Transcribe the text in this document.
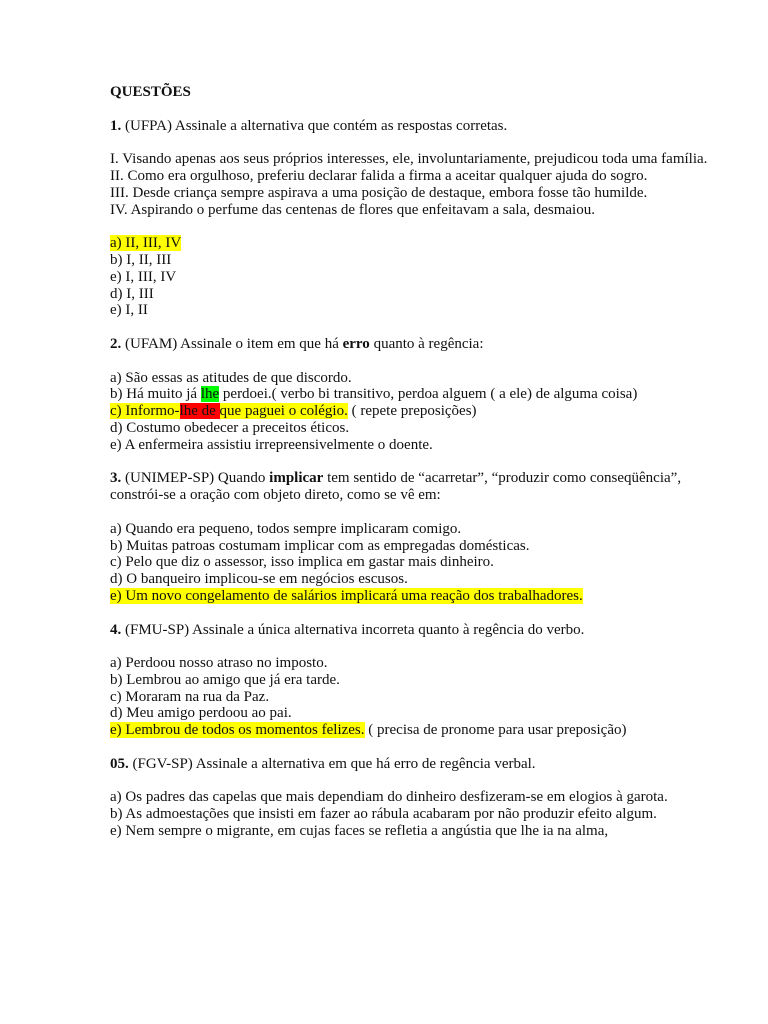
QUESTÕES
1. (UFPA) Assinale a alternativa que contém as respostas corretas.
I. Visando apenas aos seus próprios interesses, ele, involuntariamente, prejudicou toda uma família.
II. Como era orgulhoso, preferiu declarar falida a firma a aceitar qualquer ajuda do sogro.
III. Desde criança sempre aspirava a uma posição de destaque, embora fosse tão humilde.
IV. Aspirando o perfume das centenas de flores que enfeitavam a sala, desmaiou.
a) II, III, IV
b) I, II, III
e) I, III, IV
d) I, III
e) I, II
2. (UFAM) Assinale o item em que há erro quanto à regência:
a) São essas as atitudes de que discordo.
b) Há muito já lhe perdoei.( verbo bi transitivo, perdoa alguem ( a ele) de alguma coisa)
c) Informo-lhe de que paguei o colégio. ( repete preposições)
d) Costumo obedecer a preceitos éticos.
e) A enfermeira assistiu irrepreensivelmente o doente.
3. (UNIMEP-SP) Quando implicar tem sentido de “acarretar”, “produzir como conseqüência”, constrói-se a oração com objeto direto, como se vê em:
a) Quando era pequeno, todos sempre implicaram comigo.
b) Muitas patroas costumam implicar com as empregadas domésticas.
c) Pelo que diz o assessor, isso implica em gastar mais dinheiro.
d) O banqueiro implicou-se em negócios escusos.
e) Um novo congelamento de salários implicará uma reação dos trabalhadores.
4. (FMU-SP) Assinale a única alternativa incorreta quanto à regência do verbo.
a) Perdoou nosso atraso no imposto.
b) Lembrou ao amigo que já era tarde.
c) Moraram na rua da Paz.
d) Meu amigo perdoou ao pai.
e) Lembrou de todos os momentos felizes. ( precisa de pronome para usar preposição)
05. (FGV-SP) Assinale a alternativa em que há erro de regência verbal.
a) Os padres das capelas que mais dependiam do dinheiro desfizeram-se em elogios à garota.
b) As admoestações que insisti em fazer ao rábula acabaram por não produzir efeito algum.
e) Nem sempre o migrante, em cujas faces se refletia a angústia que lhe ia na alma,
